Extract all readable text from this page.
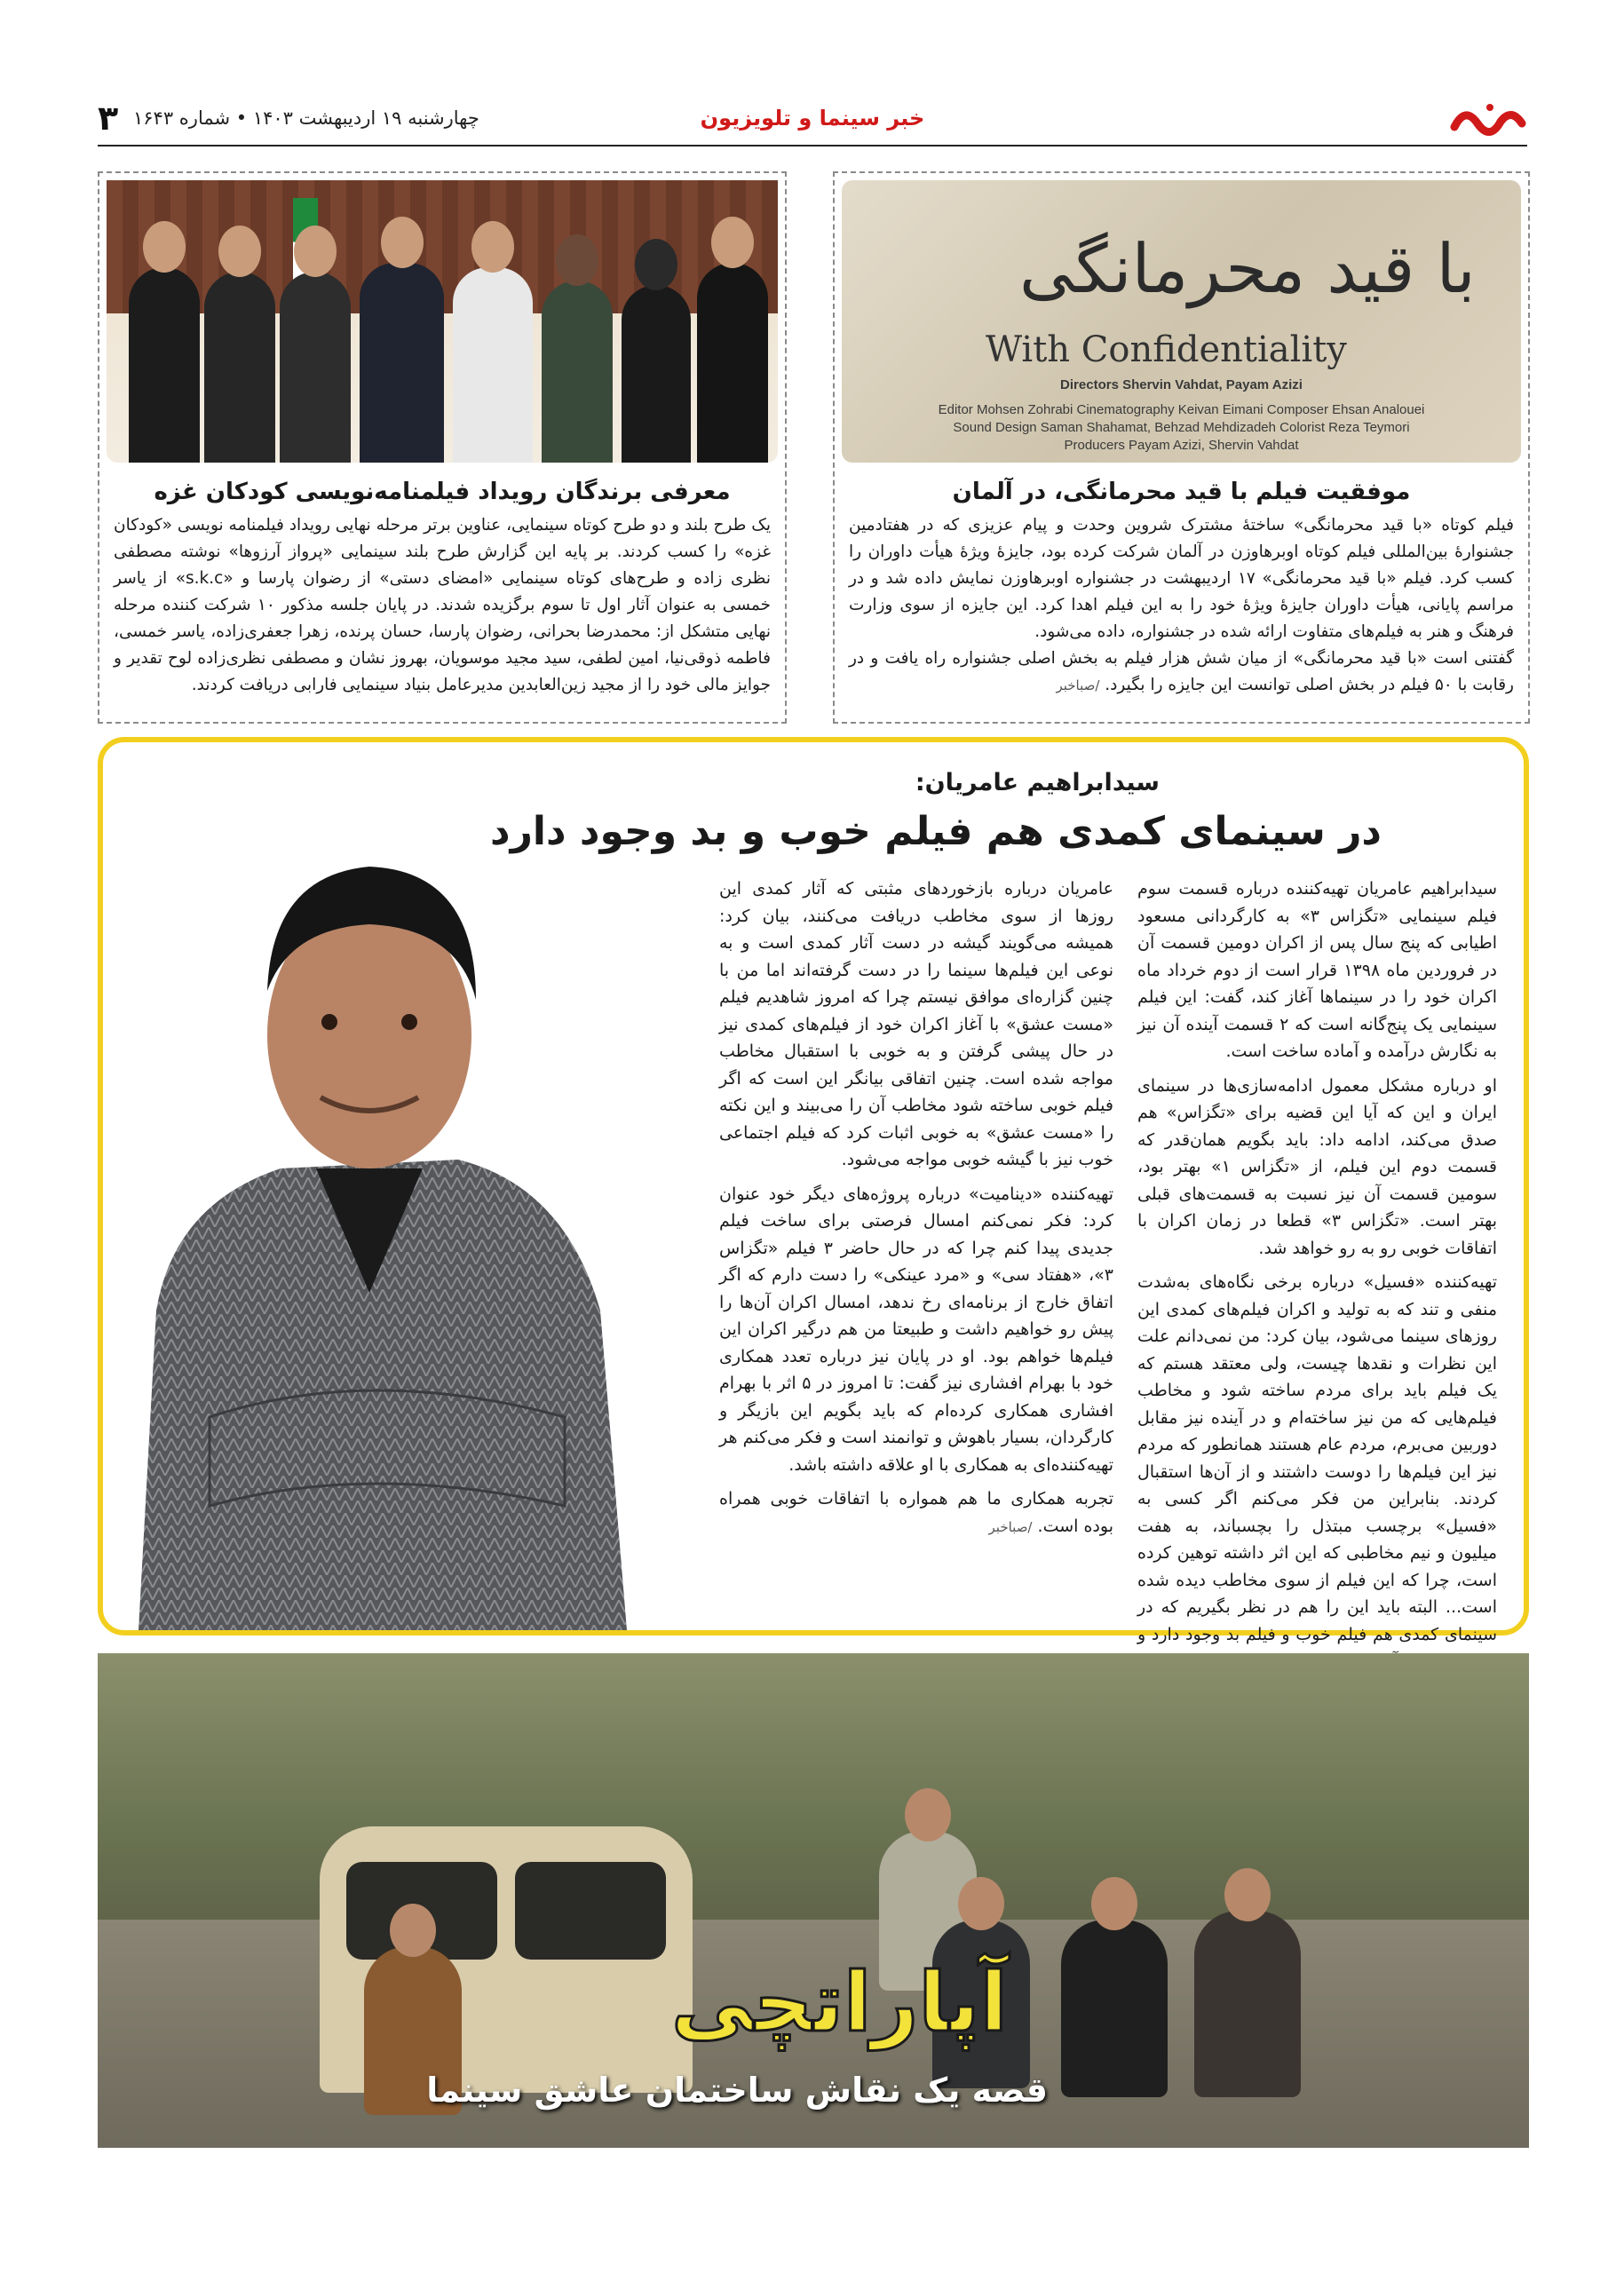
خبر سینما و تلویزیون
چهارشنبه ۱۹ اردیبهشت ۱۴۰۳ • شماره ۱۶۴۳
۳
با قید محرمانگی
With Confidentiality
Directors Shervin Vahdat, Payam Azizi
Editor Mohsen Zohrabi Cinematography Keivan Eimani Composer Ehsan Analouei
Sound Design Saman Shahamat, Behzad Mehdizadeh Colorist Reza Teymori
Producers Payam Azizi, Shervin Vahdat
موفقیت فیلم با قید محرمانگی، در آلمان
فیلم کوتاه «با قید محرمانگی» ساختۀ مشترک شروین وحدت و پیام عزیزی که در هفتادمین جشنوارۀ بین‌المللی فیلم کوتاه اوبرهاوزن در آلمان شرکت کرده بود، جایزۀ ویژۀ هیأت داوران را کسب کرد. فیلم «با قید محرمانگی» ۱۷ اردیبهشت در جشنواره اوبرهاوزن نمایش داده شد و در مراسم پایانی، هیأت داوران جایزۀ ویژۀ خود را به این فیلم اهدا کرد. این جایزه از سوی وزارت فرهنگ و هنر به فیلم‌های متفاوت ارائه شده در جشنواره، داده می‌شود.
گفتنی است «با قید محرمانگی» از میان شش هزار فیلم به بخش اصلی جشنواره راه یافت و در رقابت با ۵۰ فیلم در بخش اصلی توانست این جایزه را بگیرد. /صباخبر
معرفی برندگان رویداد فیلمنامه‌نویسی کودکان غزه
یک طرح بلند و دو طرح کوتاه سینمایی، عناوین برتر مرحله نهایی رویداد فیلمنامه نویسی «کودکان غزه» را کسب کردند. بر پایه این گزارش طرح بلند سینمایی «پرواز آرزوها» نوشته مصطفی نظری زاده و طرح‌های کوتاه سینمایی «امضای دستی» از رضوان پارسا و «s.k.c» از یاسر خمسی به عنوان آثار اول تا سوم برگزیده شدند. در پایان جلسه مذکور ۱۰ شرکت کننده مرحله نهایی متشکل از: محمدرضا بحرانی، رضوان پارسا، حسان پرنده، زهرا جعفری‌زاده، یاسر خمسی، فاطمه ذوقی‌نیا، امین لطفی، سید مجید موسویان، بهروز نشان و مصطفی نظری‌زاده لوح تقدیر و جوایز مالی خود را از مجید زین‌العابدین مدیرعامل بنیاد سینمایی فارابی دریافت کردند.
سیدابراهیم عامریان:
در سینمای کمدی هم فیلم خوب و بد وجود دارد

سیدابراهیم عامریان تهیه‌کننده درباره قسمت سوم فیلم سینمایی «تگزاس ۳» به کارگردانی مسعود اطیابی که پنج سال پس از اکران دومین قسمت آن در فروردین ماه ۱۳۹۸ قرار است از دوم خرداد ماه اکران خود را در سینماها آغاز کند، گفت: این فیلم سینمایی یک پنج‌گانه است که ۲ قسمت آینده آن نیز به نگارش درآمده و آماده ساخت است.

او درباره مشکل معمول ادامه‌سازی‌ها در سینمای ایران و این که آیا این قضیه برای «تگزاس» هم صدق می‌کند، ادامه داد: باید بگویم همان‌قدر که قسمت دوم این فیلم، از «تگزاس ۱» بهتر بود، سومین قسمت آن نیز نسبت به قسمت‌های قبلی بهتر است. «تگزاس ۳» قطعا در زمان اکران با اتفاقات خوبی رو به رو خواهد شد.

تهیه‌کننده «فسیل» درباره برخی نگاه‌های به‌شدت منفی و تند که به تولید و اکران فیلم‌های کمدی این روزهای سینما می‌شود، بیان کرد: من نمی‌دانم علت این نظرات و نقدها چیست، ولی معتقد هستم که یک فیلم باید برای مردم ساخته شود و مخاطب فیلم‌هایی که من نیز ساخته‌ام و در آینده نیز مقابل دوربین می‌برم، مردم عام هستند همانطور که مردم نیز این فیلم‌ها را دوست داشتند و از آن‌ها استقبال کردند. بنابراین من فکر می‌کنم اگر کسی به «فسیل» برچسب مبتذل را بچسباند، به هفت میلیون و نیم مخاطبی که این اثر داشته توهین کرده است، چرا که این فیلم از سوی مخاطب دیده شده است... البته باید این را هم در نظر بگیریم که در سینمای کمدی هم فیلم خوب و فیلم بد وجود دارد و

عامریان درباره بازخوردهای مثبتی که آثار کمدی این روزها از سوی مخاطب دریافت می‌کنند، بیان کرد: همیشه می‌گویند گیشه در دست آثار کمدی است و به نوعی این فیلم‌ها سینما را در دست گرفته‌اند اما من با چنین گزاره‌ای موافق نیستم چرا که امروز شاهدیم فیلم «مست عشق» با آغاز اکران خود از فیلم‌های کمدی نیز در حال پیشی گرفتن و به خوبی با استقبال مخاطب مواجه شده است. چنین اتفاقی بیانگر این است که اگر فیلم خوبی ساخته شود مخاطب آن را می‌بیند و این نکته را «مست عشق» به خوبی اثبات کرد که فیلم اجتماعی خوب نیز با گیشه خوبی مواجه می‌شود.

تهیه‌کننده «دینامیت» درباره پروژه‌های دیگر خود عنوان کرد: فکر نمی‌کنم امسال فرصتی برای ساخت فیلم جدیدی پیدا کنم چرا که در حال حاضر ۳ فیلم «تگزاس ۳»، «هفتاد سی» و «مرد عینکی» را دست دارم که اگر اتفاق خارج از برنامه‌ای رخ ندهد، امسال اکران آن‌ها را پیش رو خواهیم داشت و طبیعتا من هم درگیر اکران این فیلم‌ها خواهم بود. او در پایان نیز درباره تعدد همکاری خود با بهرام افشاری نیز گفت: تا امروز در ۵ اثر با بهرام افشاری همکاری کرده‌ام که باید بگویم این بازیگر و کارگردان، بسیار باهوش و توانمند است و فکر می‌کنم هر تهیه‌کننده‌ای به همکاری با او علاقه داشته باشد.

تجربه همکاری ما هم همواره با اتفاقات خوبی همراه بوده است. /صباخبر

آپاراتچی
قصه یک نقاش ساختمان عاشق سینما
